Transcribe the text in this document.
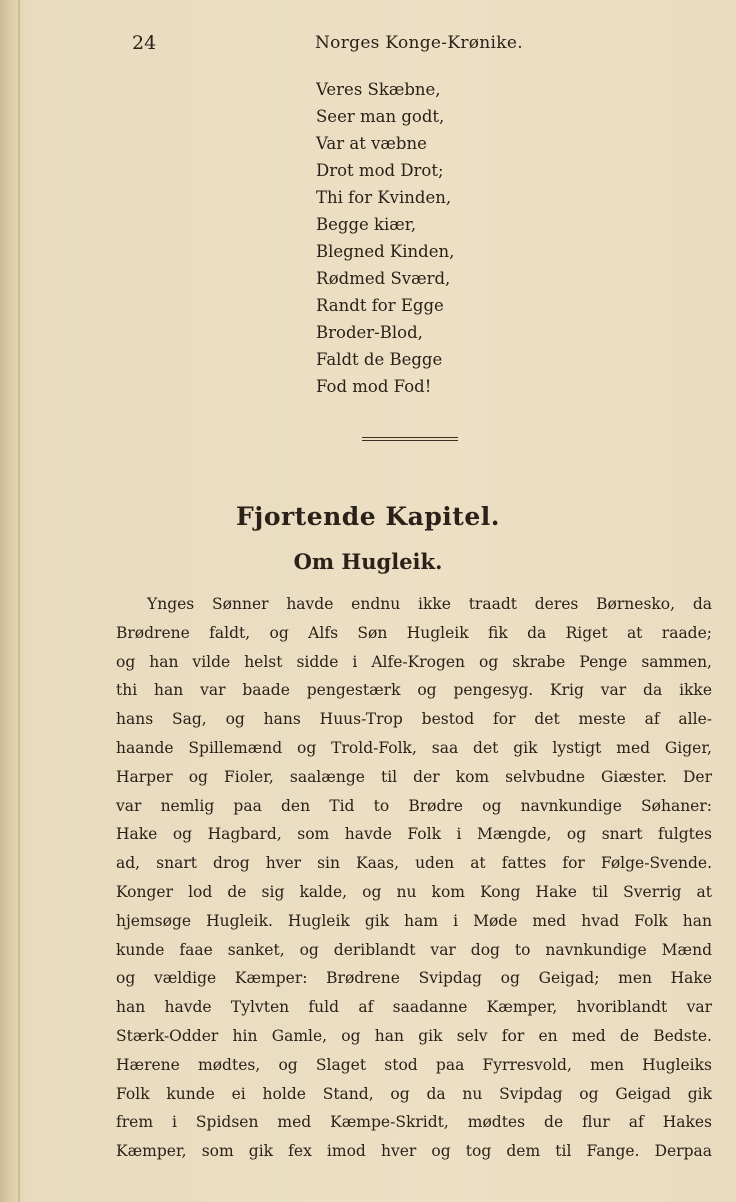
24	Norges Konge-Krønike.
Veres Skæbne,
Seer man godt,
Var at væbne
Drot mod Drot;
Thi for Kvinden,
Begge kiær,
Blegned Kinden,
Rødmed Sværd,
Randt for Egge
Broder-Blod,
Faldt de Begge
Fod mod Fod!
Fjortende Kapitel.
Om Hugleik.
Ynges Sønner havde endnu ikke traadt deres Børnesko, da
Brødrene faldt, og Alfs Søn Hugleik fik da Riget at raade;
og han vilde helst sidde i Alfe-Krogen og skrabe Penge sammen,
thi han var baade pengestærk og pengesyg. Krig var da ikke
hans Sag, og hans Huus-Trop bestod for det meste af alle-
haande Spillemænd og Trold-Folk, saa det gik lystigt med Giger,
Harper og Fioler, saalænge til der kom selvbudne Giæster. Der
var nemlig paa den Tid to Brødre og navnkundige Søhaner:
Hake og Hagbard, som havde Folk i Mængde, og snart fulgtes
ad, snart drog hver sin Kaas, uden at fattes for Følge-Svende.
Konger lod de sig kalde, og nu kom Kong Hake til Sverrig at
hjemsøge Hugleik. Hugleik gik ham i Møde med hvad Folk han
kunde faae sanket, og deriblandt var dog to navnkundige Mænd
og vældige Kæmper: Brødrene Svipdag og Geigad; men Hake
han havde Tylvten fuld af saadanne Kæmper, hvoriblandt var
Stærk-Odder hin Gamle, og han gik selv for en med de Bedste.
Hærene mødtes, og Slaget stod paa Fyrresvold, men Hugleiks
Folk kunde ei holde Stand, og da nu Svipdag og Geigad gik
frem i Spidsen med Kæmpe-Skridt, mødtes de flur af Hakes
Kæmper, som gik fex imod hver og tog dem til Fange. Derpaa
